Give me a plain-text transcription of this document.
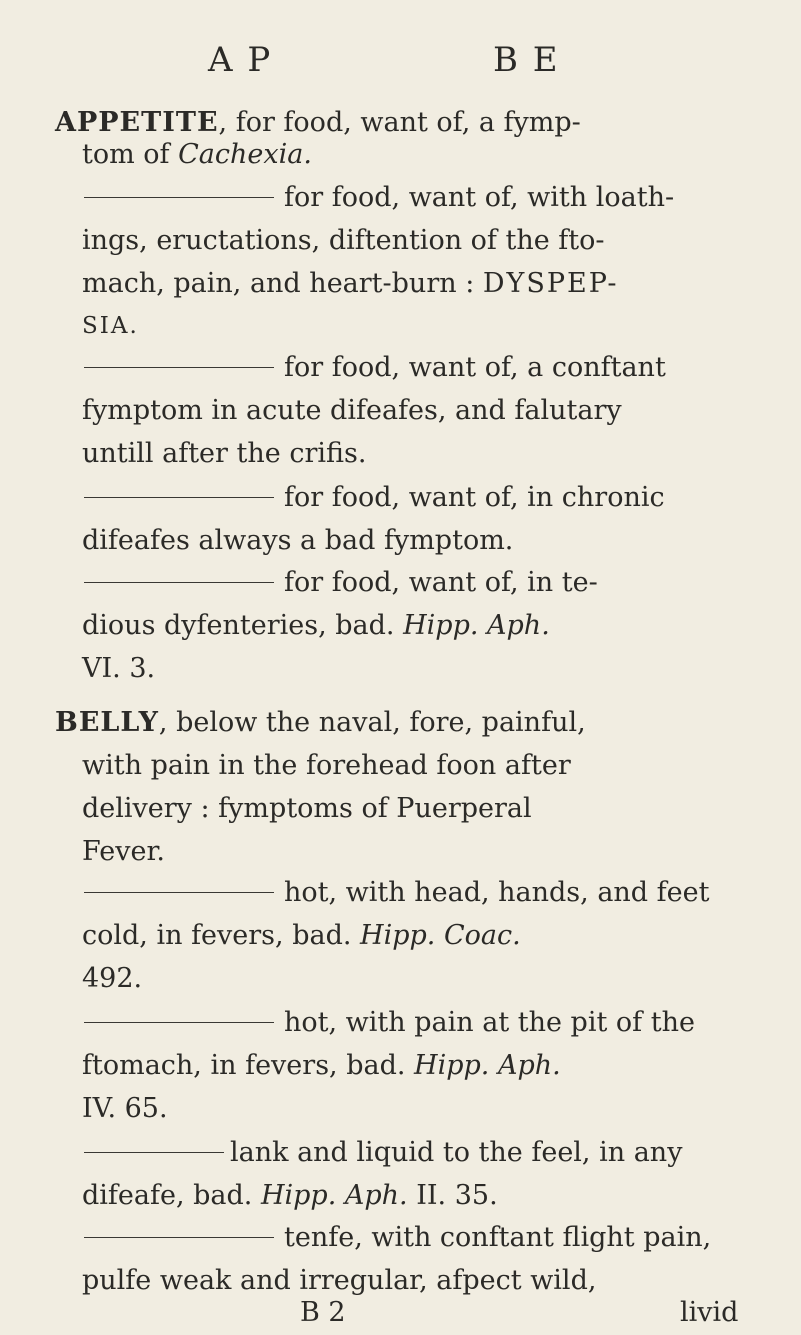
A P	B E
APPETITE, for food, want of, a fymp-
tom of Cachexia.
for food, want of, with loath-
ings, eructations, diftention of the fto-
mach, pain, and heart-burn : DYSPEP-
SIA.
for food, want of, a conftant
fymptom in acute difeafes, and falutary
untill after the crifis.
for food, want of, in chronic
difeafes always a bad fymptom.
for food, want of, in te-
dious dyfenteries, bad. Hipp. Aph.
VI. 3.
BELLY, below the naval, fore, painful,
with pain in the forehead foon after
delivery : fymptoms of Puerperal
Fever.
hot, with head, hands, and feet
cold, in fevers, bad. Hipp. Coac.
492.
hot, with pain at the pit of the
ftomach, in fevers, bad. Hipp. Aph.
IV. 65.
lank and liquid to the feel, in any
difeafe, bad. Hipp. Aph. II. 35.
tenfe, with conftant flight pain,
pulfe weak and irregular, afpect wild,
B 2	livid
